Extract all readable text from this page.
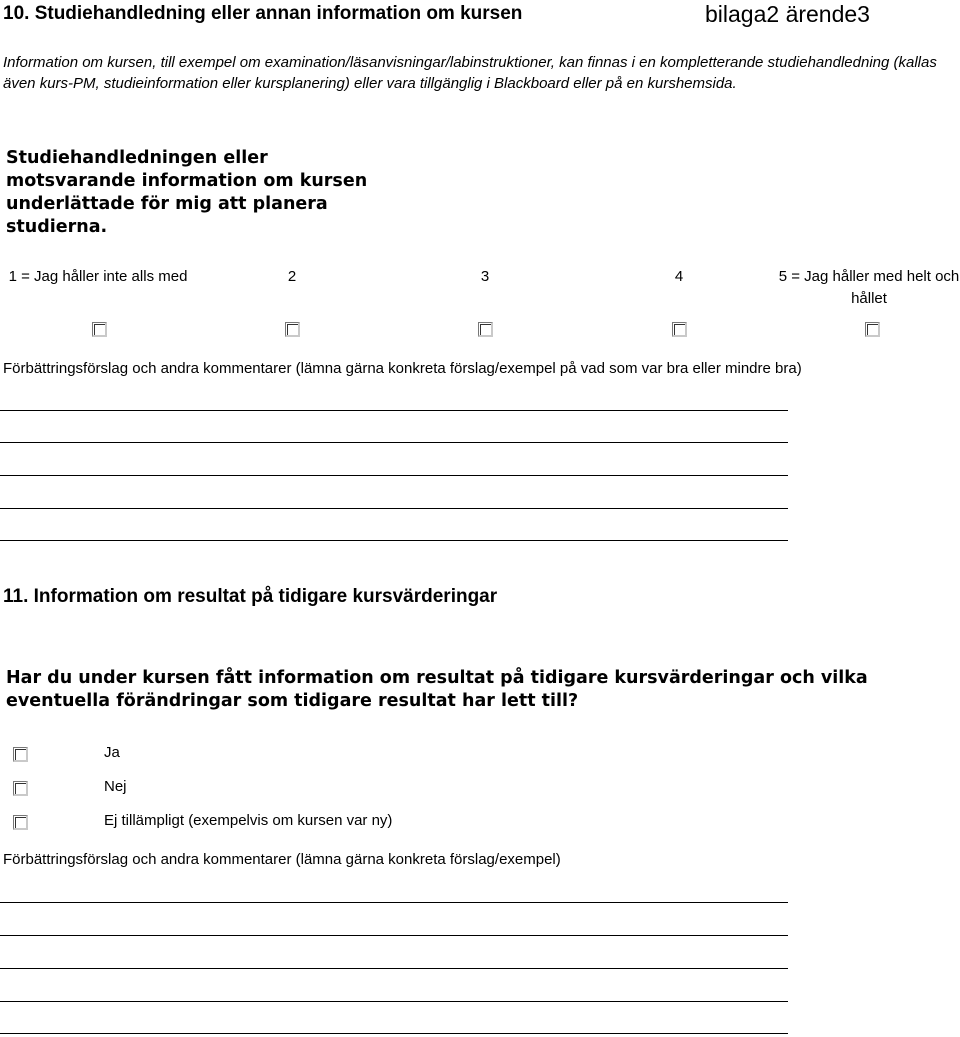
10. Studiehandledning eller annan information om kursen	bilaga2 ärende3
Information om kursen, till exempel om examination/läsanvisningar/labinstruktioner, kan finnas i en kompletterande studiehandledning (kallas även kurs-PM, studieinformation eller kursplanering) eller vara tillgänglig i Blackboard eller på en kurshemsida.
Studiehandledningen eller motsvarande information om kursen underlättade för mig att planera studierna.
1 = Jag håller inte alls med	2	3	4	5 = Jag håller med helt och hållet
Förbättringsförslag och andra kommentarer (lämna gärna konkreta förslag/exempel på vad som var bra eller mindre bra)
11. Information om resultat på tidigare kursvärderingar
Har du under kursen fått information om resultat på tidigare kursvärderingar och vilka eventuella förändringar som tidigare resultat har lett till?
Ja
Nej
Ej tillämpligt (exempelvis om kursen var ny)
Förbättringsförslag och andra kommentarer (lämna gärna konkreta förslag/exempel)
